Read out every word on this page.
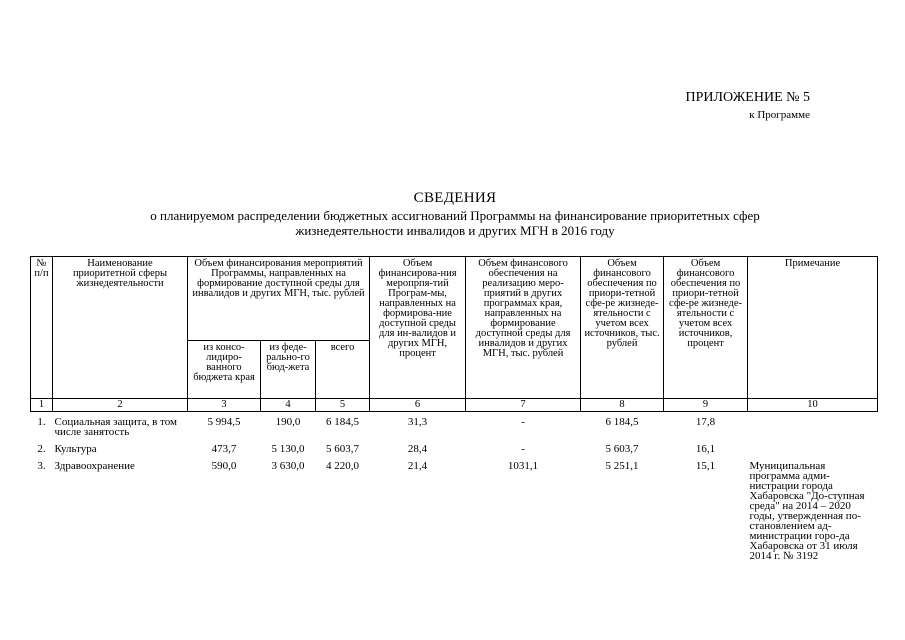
ПРИЛОЖЕНИЕ № 5
к Программе
СВЕДЕНИЯ
о планируемом распределении бюджетных ассигнований Программы на финансирование приоритетных сфер
жизнедеятельности инвалидов и других МГН в 2016 году
№ п/п	Наименование приоритетной сферы жизнедеятельности	Объем финансирования мероприятий Программы, направленных на формирование доступной среды для инвалидов и других МГН, тыс. рублей			Объем финансирова-ния меропрпя-тий Програм-мы, направленных на формирова-ние доступной среды для ин-валидов и других МГН, процент	Объем финансового обеспечения на реализацию меро-приятий в других программах края, направленных на формирование доступной среды для инвалидов и других МГН, тыс. рублей	Объем финансового обеспечения по приори-тетной сфе-ре жизнеде-ятельности с учетом всех источников, тыс. рублей	Объем финансового обеспечения по приори-тетной сфе-ре жизнеде-ятельности с учетом всех источников, процент	Примечание
		из консо-лидиро-ванного бюджета края	из феде-рально-го бюд-жета	всего					
1	2	3	4	5	6	7	8	9	10
1.	Социальная защита, в том числе занятость	5 994,5	190,0	6 184,5	31,3	-	6 184,5	17,8	
2.	Культура	473,7	5 130,0	5 603,7	28,4	-	5 603,7	16,1	
3.	Здравоохранение	590,0	3 630,0	4 220,0	21,4	1031,1	5 251,1	15,1	Муниципальная программа адми-нистрации города Хабаровска "До-ступная среда" на 2014 – 2020 годы, утвержденная по-становлением ад-министрации горо-да Хабаровска от 31 июля 2014 г. № 3192
